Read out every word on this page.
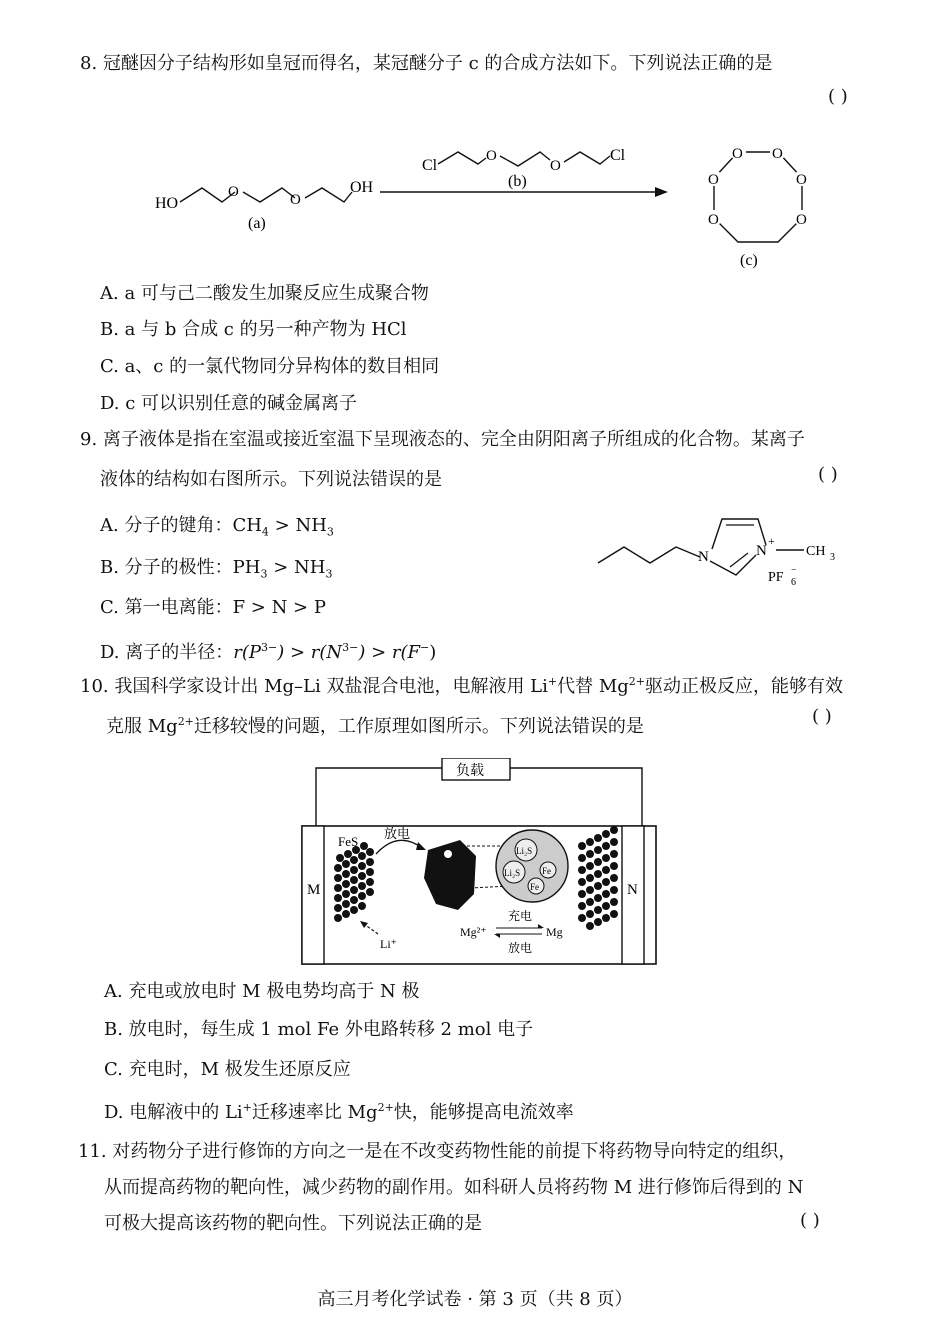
8. 冠醚因分子结构形如皇冠而得名，某冠醚分子 c 的合成方法如下。下列说法正确的是
( )
HO
O	O
OH
(a)
Cl
O
O
Cl
(b)
O O
O
O
O
O
(c)
A. a 可与己二酸发生加聚反应生成聚合物
B. a 与 b 合成 c 的另一种产物为 HCl
C. a、c 的一氯代物同分异构体的数目相同
D. c 可以识别任意的碱金属离子
9. 离子液体是指在室温或接近室温下呈现液态的、完全由阴阳离子所组成的化合物。某离子
液体的结构如右图所示。下列说法错误的是	( )
A. 分子的键角：$CH_4 > NH_3$
B. 分子的极性：$PH_3 > NH_3$
C. 第一电离能：F > N > P
D. 离子的半径：$r(P^{3-}) > r(N^{3-}) > r(F^-)$
N	N
+
CH 3
PF 6
−
10. 我国科学家设计出 Mg–Li 双盐混合电池，电解液用 Li+代替 $Mg^{2+}$驱动正极反应，能够有效
克服 $Mg^{2+}$迁移较慢的问题，工作原理如图所示。下列说法错误的是	( )
负载
M	N
FeS
放电
Li⁺
Li₂S
Li₂S Fe
Fe
Mg²⁺
充电
放电
Mg
A. 充电或放电时 M 极电势均高于 N 极
B. 放电时，每生成 1 mol Fe 外电路转移 2 mol 电子
C. 充电时，M 极发生还原反应
D. 电解液中的 Li+迁移速率比 $Mg^{2+}$快，能够提高电流效率
11. 对药物分子进行修饰的方向之一是在不改变药物性能的前提下将药物导向特定的组织，
从而提高药物的靶向性，减少药物的副作用。如科研人员将药物 M 进行修饰后得到的 N
可极大提高该药物的靶向性。下列说法正确的是	( )
高三月考化学试卷 · 第 3 页（共 8 页）
